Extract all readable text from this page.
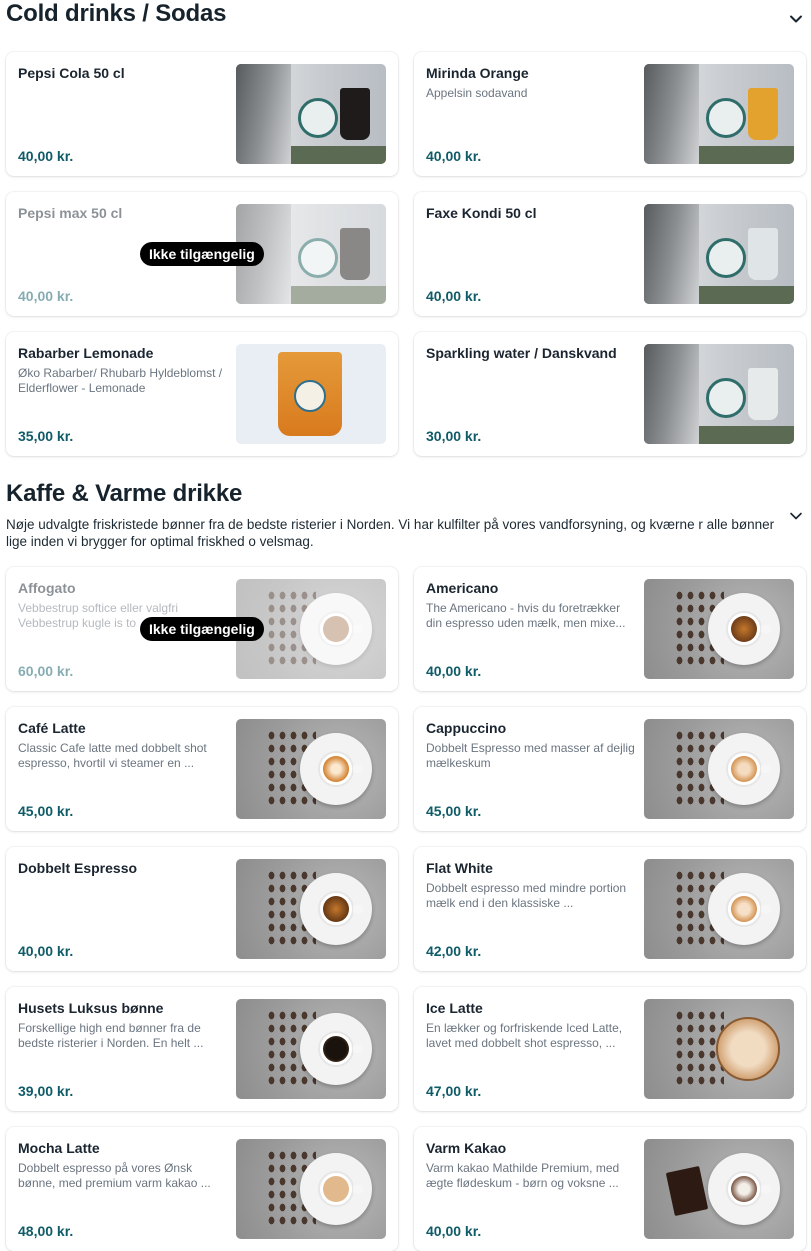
Cold drinks / Sodas
Pepsi Cola 50 cl
40,00 kr.
Mirinda Orange
Appelsin sodavand
40,00 kr.
Pepsi max 50 cl
40,00 kr.
Ikke tilgængelig
Faxe Kondi 50 cl
40,00 kr.
Rabarber Lemonade
Øko Rabarber/ Rhubarb Hyldeblomst / Elderflower - Lemonade
35,00 kr.
Sparkling water / Danskvand
30,00 kr.
Kaffe & Varme drikke
Nøje udvalgte friskristede bønner fra de bedste risterier i Norden. Vi har kulfilter på vores vandforsyning, og kværne r alle bønner lige inden vi brygger for optimal friskhed o velsmag.
Affogato
Vebbestrup softice eller valgfri Vebbestrup kugle is to
60,00 kr.
Ikke tilgængelig
Americano
The Americano - hvis du foretrækker din espresso uden mælk, men mixe...
40,00 kr.
Café Latte
Classic Cafe latte med dobbelt shot espresso, hvortil vi steamer en ...
45,00 kr.
Cappuccino
Dobbelt Espresso med masser af dejlig mælkeskum
45,00 kr.
Dobbelt Espresso
40,00 kr.
Flat White
Dobbelt espresso med mindre portion mælk end i den klassiske ...
42,00 kr.
Husets Luksus bønne
Forskellige high end bønner fra de bedste risterier i Norden. En helt ...
39,00 kr.
Ice Latte
En lækker og forfriskende Iced Latte, lavet med dobbelt shot espresso, ...
47,00 kr.
Mocha Latte
Dobbelt espresso på vores Ønsk bønne, med premium varm kakao ...
48,00 kr.
Varm Kakao
Varm kakao Mathilde Premium, med ægte flødeskum - børn og voksne ...
40,00 kr.
